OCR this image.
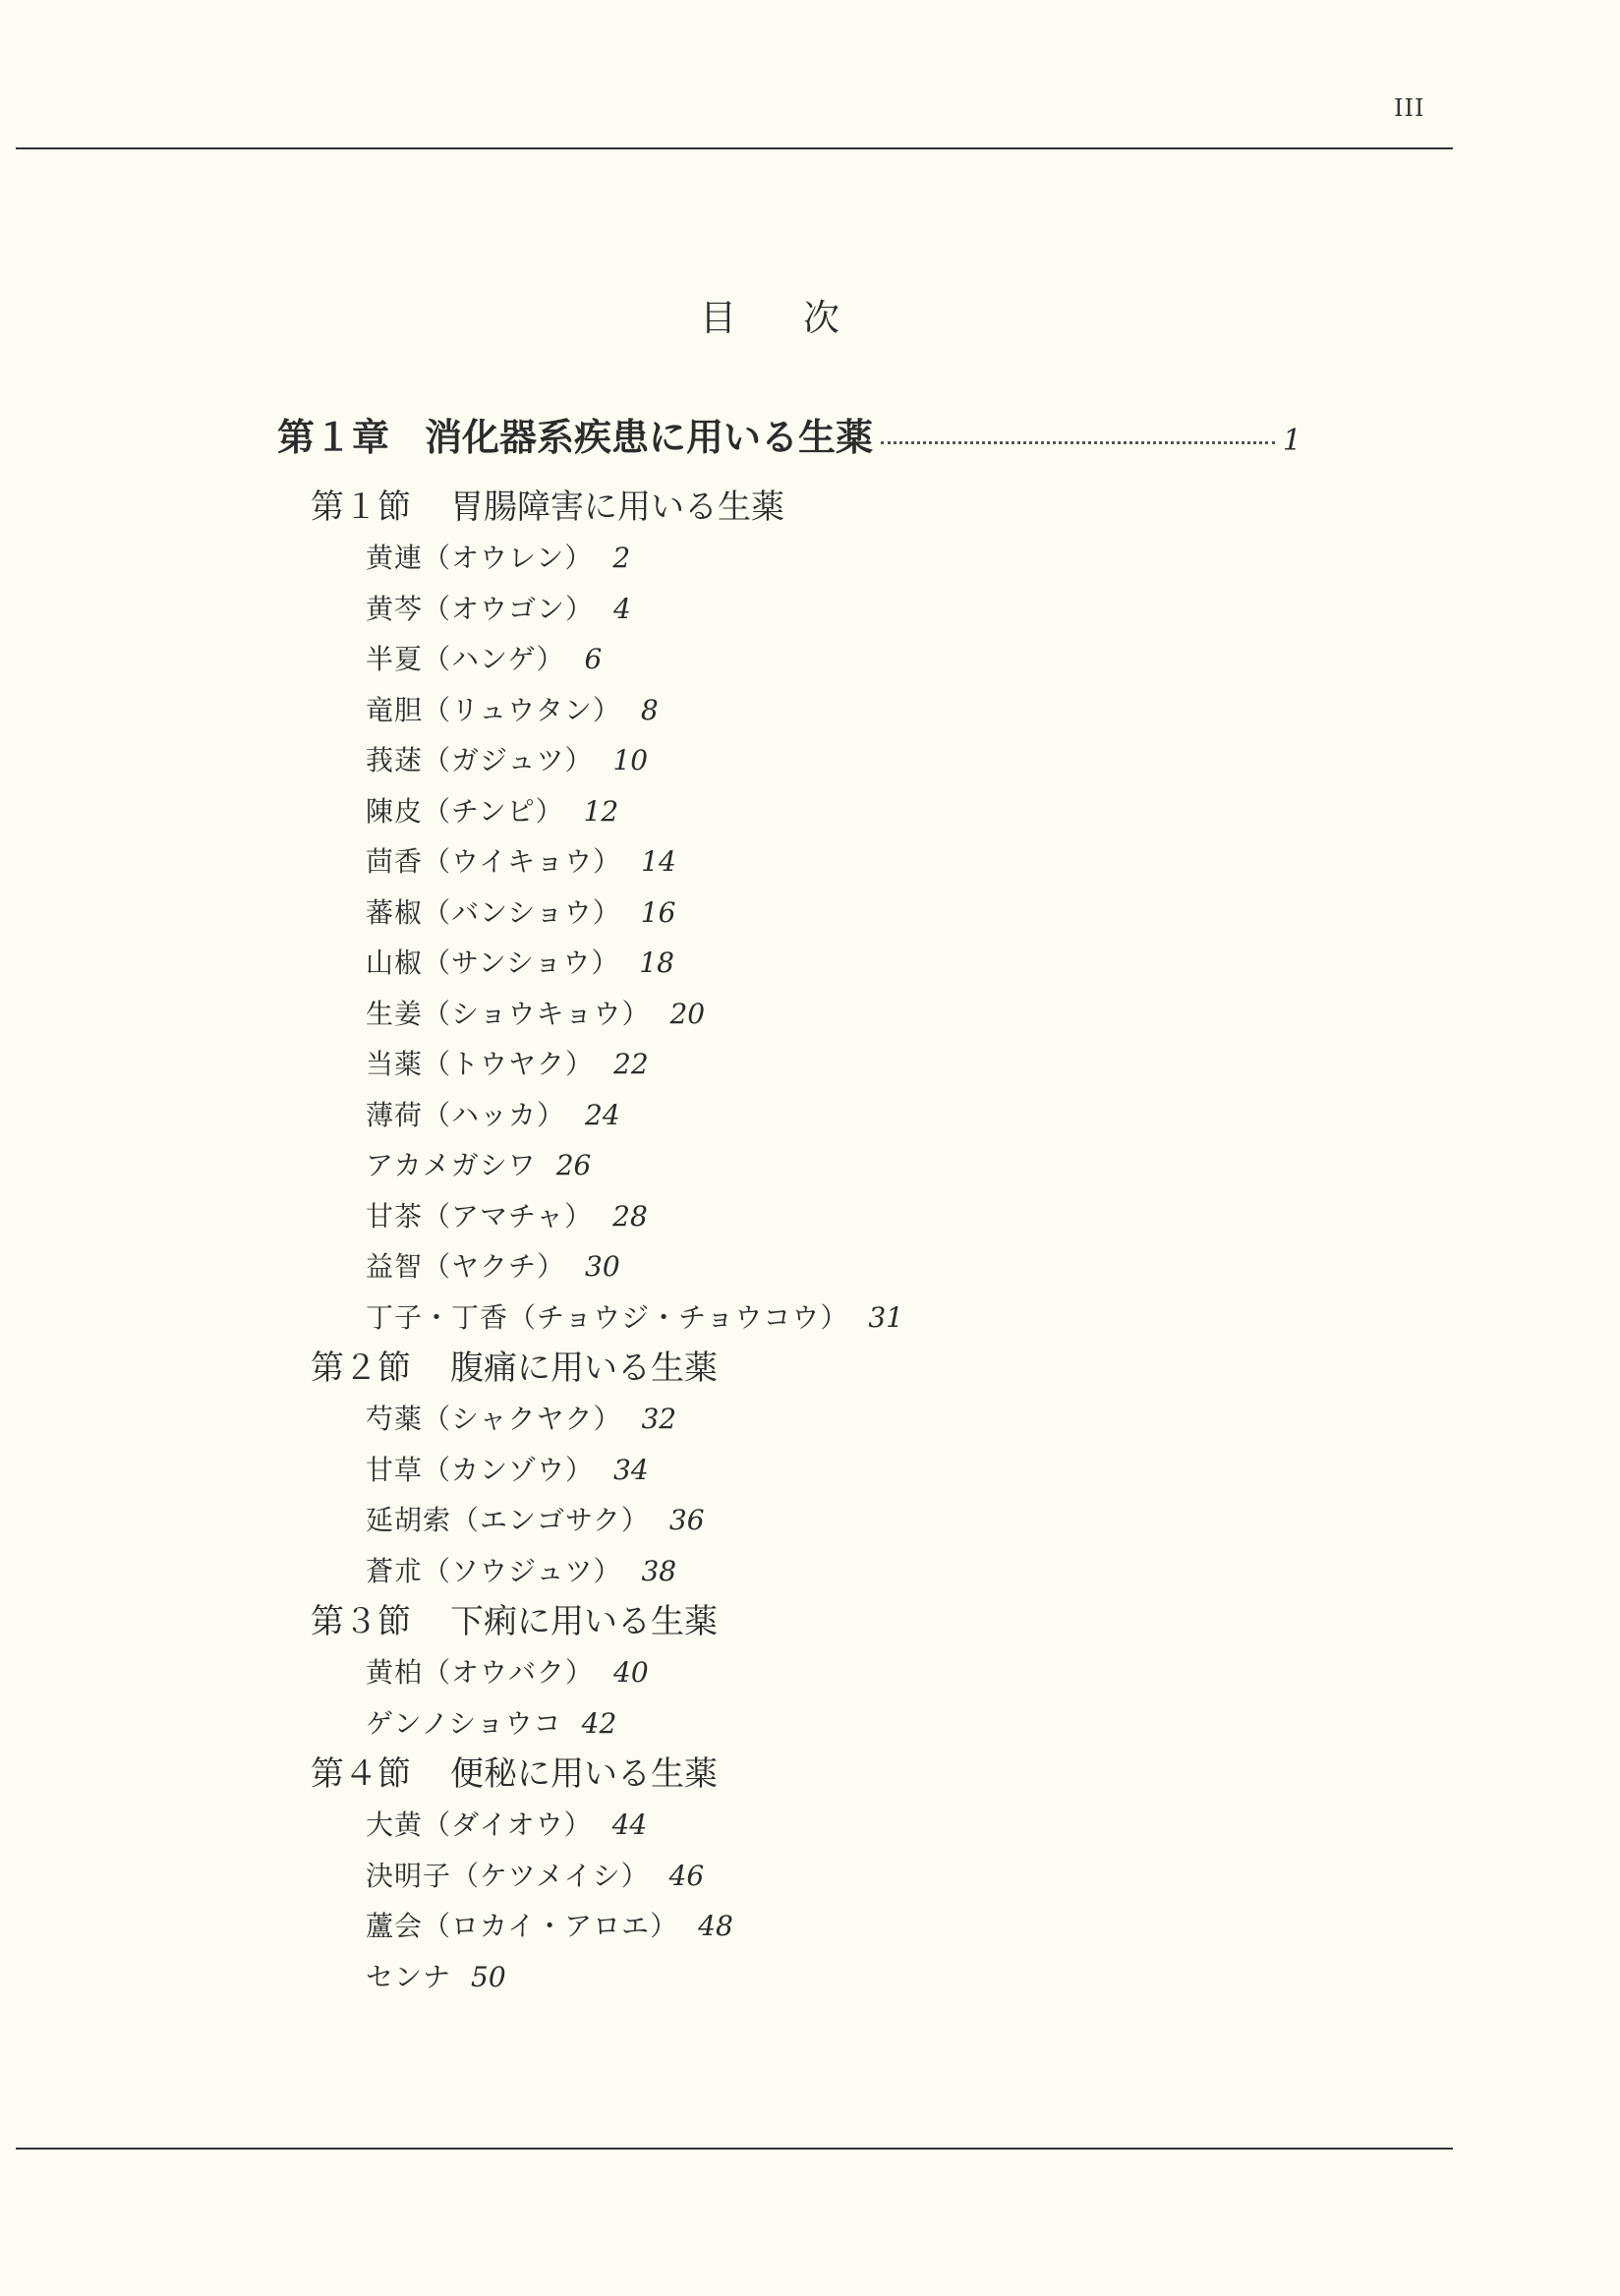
III
目次
第１章 消化器系疾患に用いる生薬	1
第１節 胃腸障害に用いる生薬
黄連（オウレン） 2
黄芩（オウゴン） 4
半夏（ハンゲ） 6
竜胆（リュウタン） 8
莪蒁（ガジュツ） 10
陳皮（チンピ） 12
茴香（ウイキョウ） 14
蕃椒（バンショウ） 16
山椒（サンショウ） 18
生姜（ショウキョウ） 20
当薬（トウヤク） 22
薄荷（ハッカ） 24
アカメガシワ 26
甘茶（アマチャ） 28
益智（ヤクチ） 30
丁子・丁香（チョウジ・チョウコウ） 31
第２節 腹痛に用いる生薬
芍薬（シャクヤク） 32
甘草（カンゾウ） 34
延胡索（エンゴサク） 36
蒼朮（ソウジュツ） 38
第３節 下痢に用いる生薬
黄柏（オウバク） 40
ゲンノショウコ 42
第４節 便秘に用いる生薬
大黄（ダイオウ） 44
決明子（ケツメイシ） 46
蘆会（ロカイ・アロエ） 48
センナ 50
